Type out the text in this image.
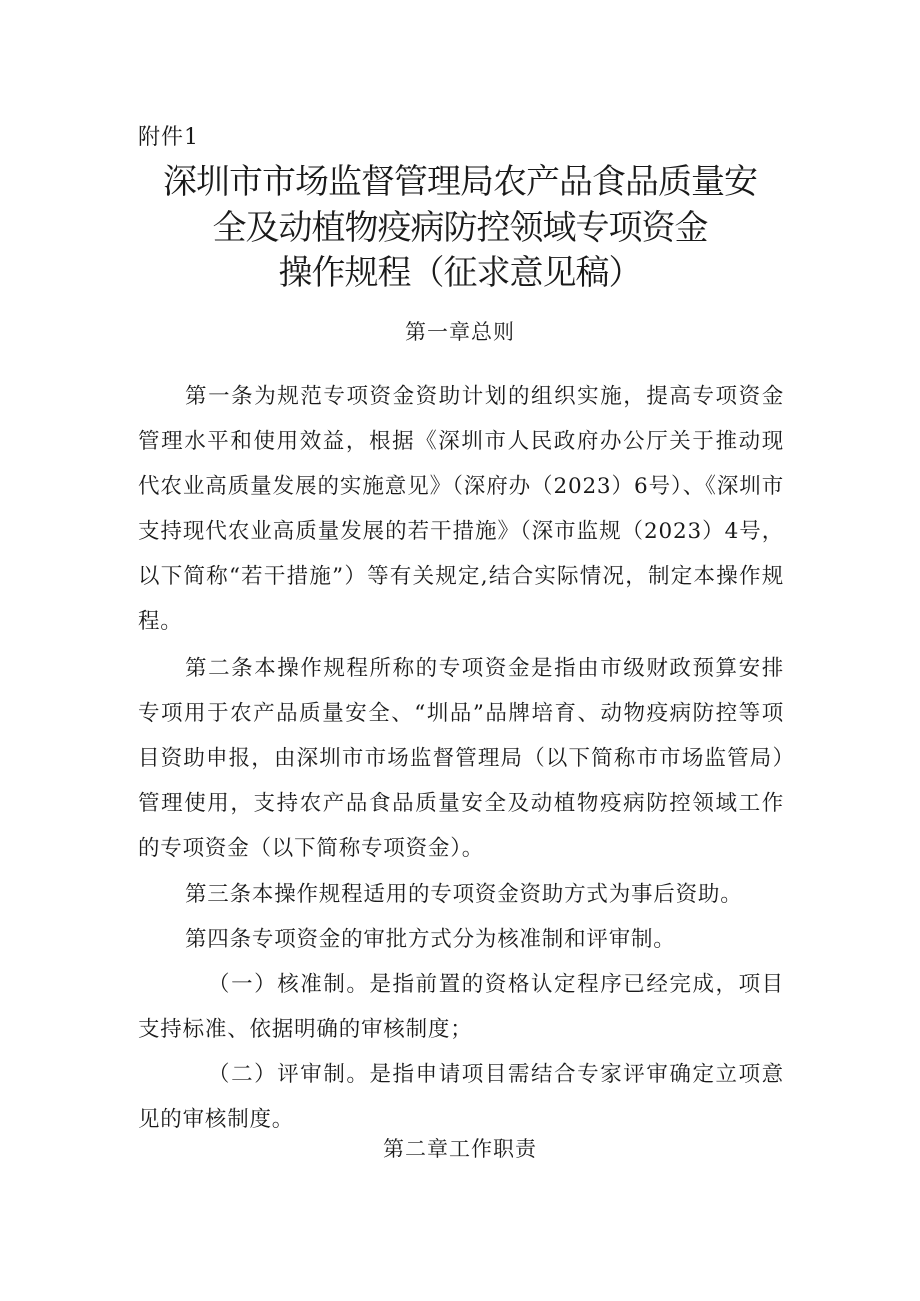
附件1
深圳市市场监督管理局农产品食品质量安
全及动植物疫病防控领域专项资金
操作规程（征求意见稿）
第一章总则

第一条为规范专项资金资助计划的组织实施，提高专项资金管理水平和使用效益，根据《深圳市人民政府办公厅关于推动现代农业高质量发展的实施意见》（深府办（2023）6号）、《深圳市支持现代农业高质量发展的若干措施》（深市监规（2023）4号，以下简称“若干措施”）等有关规定,结合实际情况，制定本操作规程。

第二条本操作规程所称的专项资金是指由市级财政预算安排专项用于农产品质量安全、“圳品”品牌培育、动物疫病防控等项目资助申报，由深圳市市场监督管理局（以下简称市市场监管局）管理使用，支持农产品食品质量安全及动植物疫病防控领域工作的专项资金（以下简称专项资金）。

第三条本操作规程适用的专项资金资助方式为事后资助。

第四条专项资金的审批方式分为核准制和评审制。

（一）核准制。是指前置的资格认定程序已经完成，项目支持标准、依据明确的审核制度；

（二）评审制。是指申请项目需结合专家评审确定立项意见的审核制度。

第二章工作职责
